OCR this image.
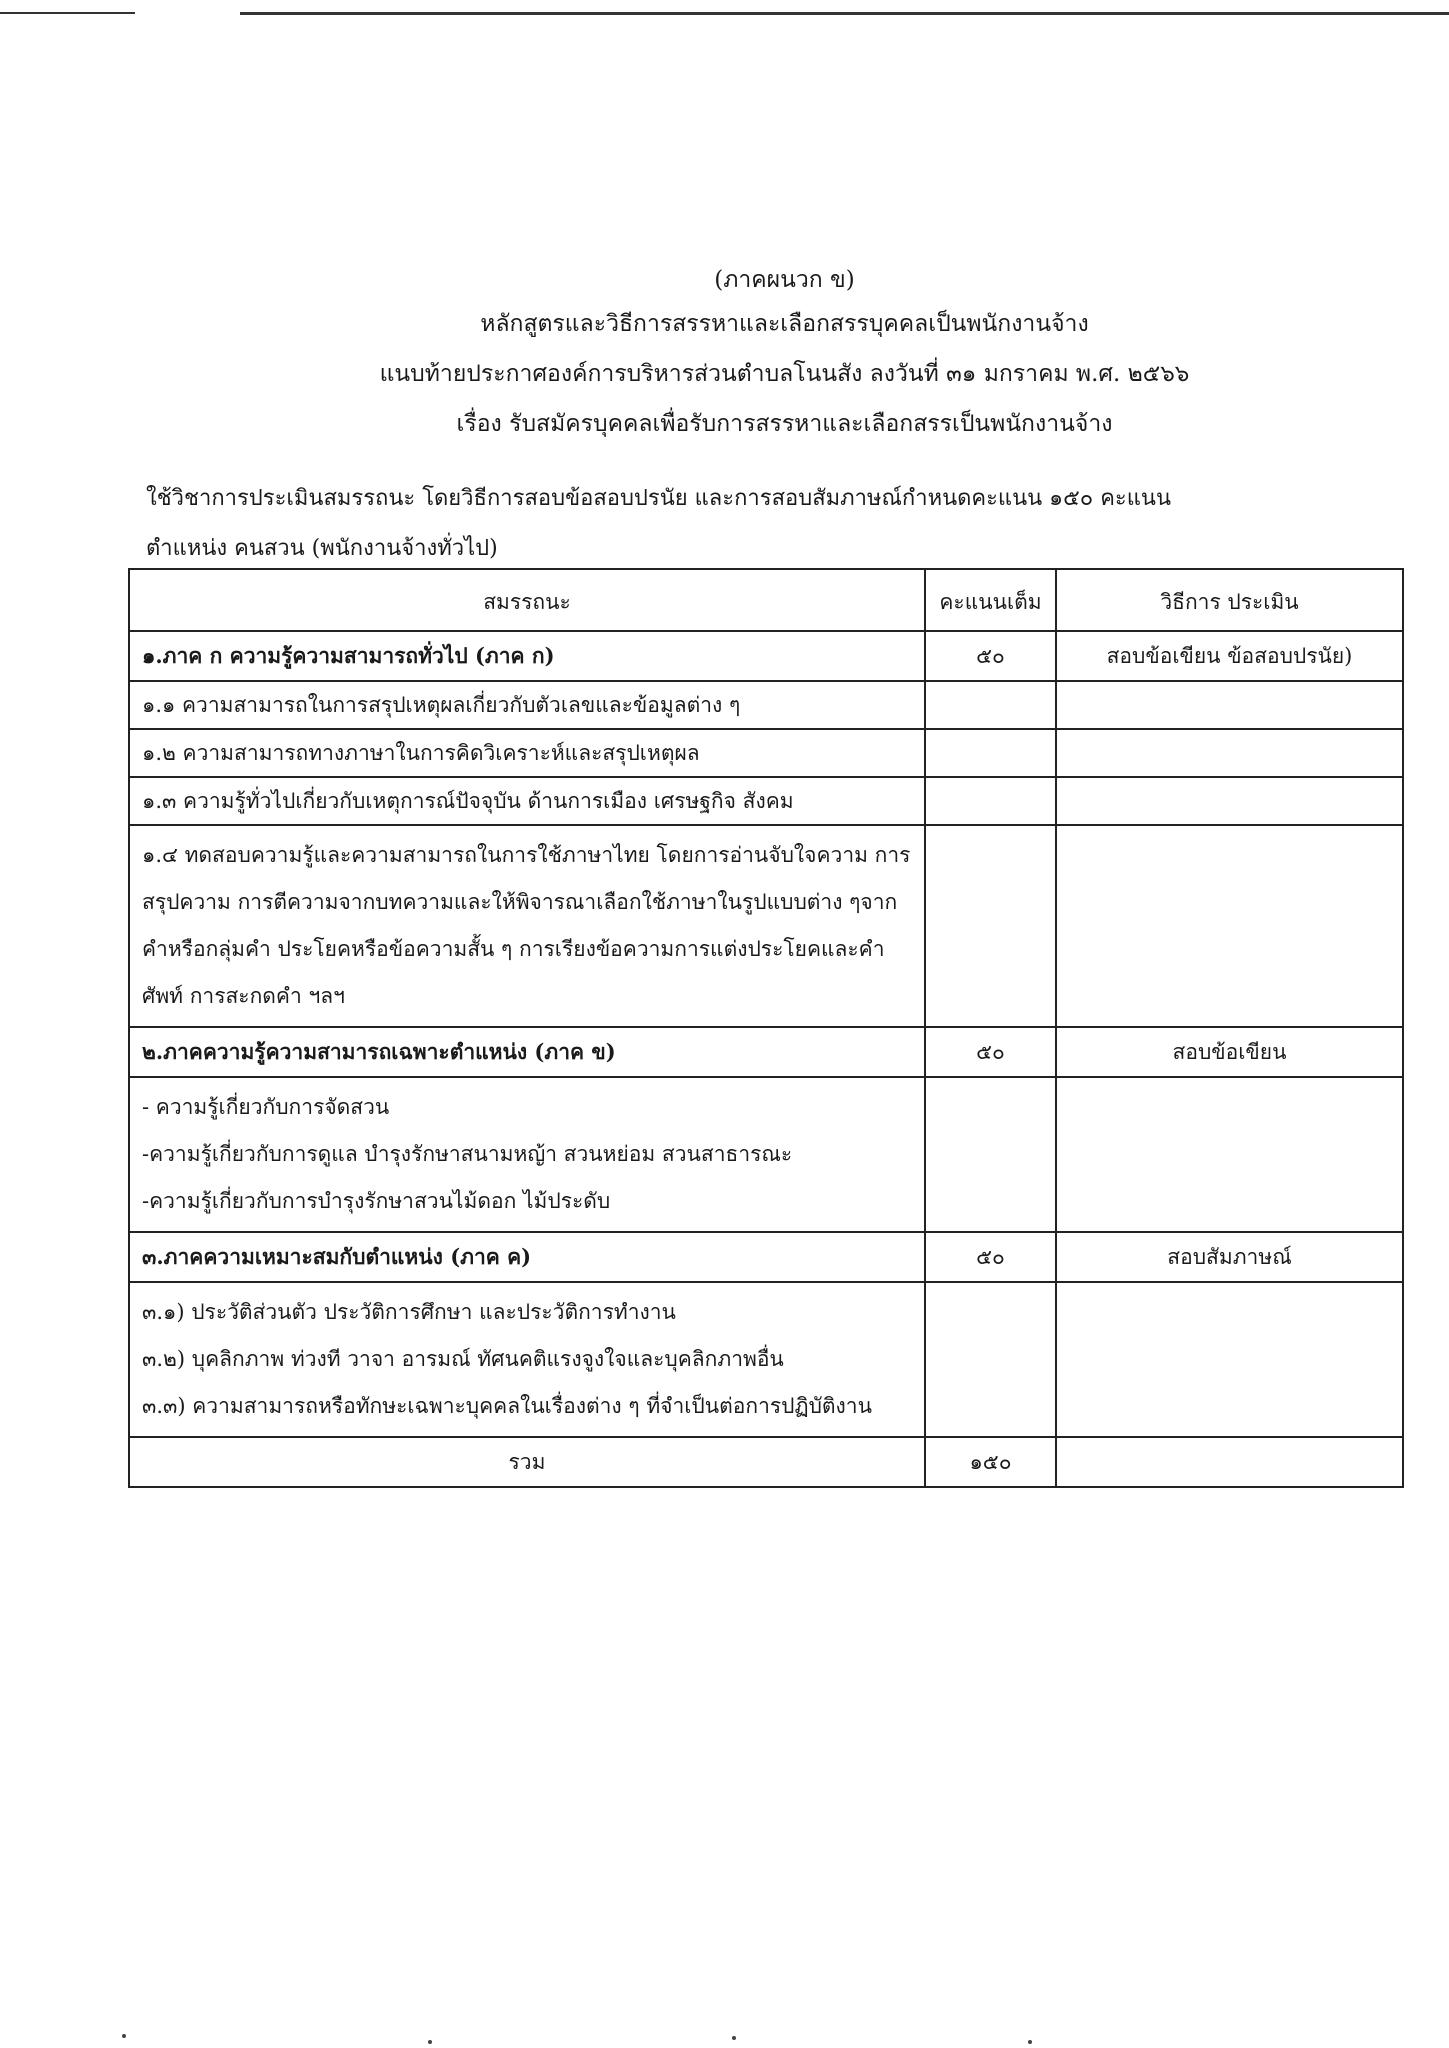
(ภาคผนวก ข)
หลักสูตรและวิธีการสรรหาและเลือกสรรบุคคลเป็นพนักงานจ้าง
แนบท้ายประกาศองค์การบริหารส่วนตำบลโนนสัง ลงวันที่ ๓๑ มกราคม พ.ศ. ๒๕๖๖
เรื่อง รับสมัครบุคคลเพื่อรับการสรรหาและเลือกสรรเป็นพนักงานจ้าง
ใช้วิชาการประเมินสมรรถนะ โดยวิธีการสอบข้อสอบปรนัย และการสอบสัมภาษณ์กำหนดคะแนน ๑๕๐ คะแนน
ตำแหน่ง คนสวน (พนักงานจ้างทั่วไป)
สมรรถนะ	คะแนนเต็ม	วิธีการ ประเมิน
๑.ภาค ก ความรู้ความสามารถทั่วไป (ภาค ก)	๕๐	สอบข้อเขียน ข้อสอบปรนัย)
๑.๑ ความสามารถในการสรุปเหตุผลเกี่ยวกับตัวเลขและข้อมูลต่าง ๆ		
๑.๒ ความสามารถทางภาษาในการคิดวิเคราะห์และสรุปเหตุผล		
๑.๓ ความรู้ทั่วไปเกี่ยวกับเหตุการณ์ปัจจุบัน ด้านการเมือง เศรษฐกิจ สังคม		
๑.๔ ทดสอบความรู้และความสามารถในการใช้ภาษาไทย โดยการอ่านจับใจความ การสรุปความ การตีความจากบทความและให้พิจารณาเลือกใช้ภาษาในรูปแบบต่าง ๆจากคำหรือกลุ่มคำ ประโยคหรือข้อความสั้น ๆ การเรียงข้อความการแต่งประโยคและคำศัพท์ การสะกดคำ ฯลฯ		
๒.ภาคความรู้ความสามารถเฉพาะตำแหน่ง (ภาค ข)	๕๐	สอบข้อเขียน

- ความรู้เกี่ยวกับการจัดสวน
-ความรู้เกี่ยวกับการดูแล บำรุงรักษาสนามหญ้า สวนหย่อม สวนสาธารณะ
-ความรู้เกี่ยวกับการบำรุงรักษาสวนไม้ดอก ไม้ประดับ		

๓.ภาคความเหมาะสมกับตำแหน่ง (ภาค ค)	๕๐	สอบสัมภาษณ์

๓.๑) ประวัติส่วนตัว ประวัติการศึกษา และประวัติการทำงาน
๓.๒) บุคลิกภาพ ท่วงที วาจา อารมณ์ ทัศนคติแรงจูงใจและบุคลิกภาพอื่น
๓.๓) ความสามารถหรือทักษะเฉพาะบุคคลในเรื่องต่าง ๆ ที่จำเป็นต่อการปฏิบัติงาน		

รวม	๑๕๐	
